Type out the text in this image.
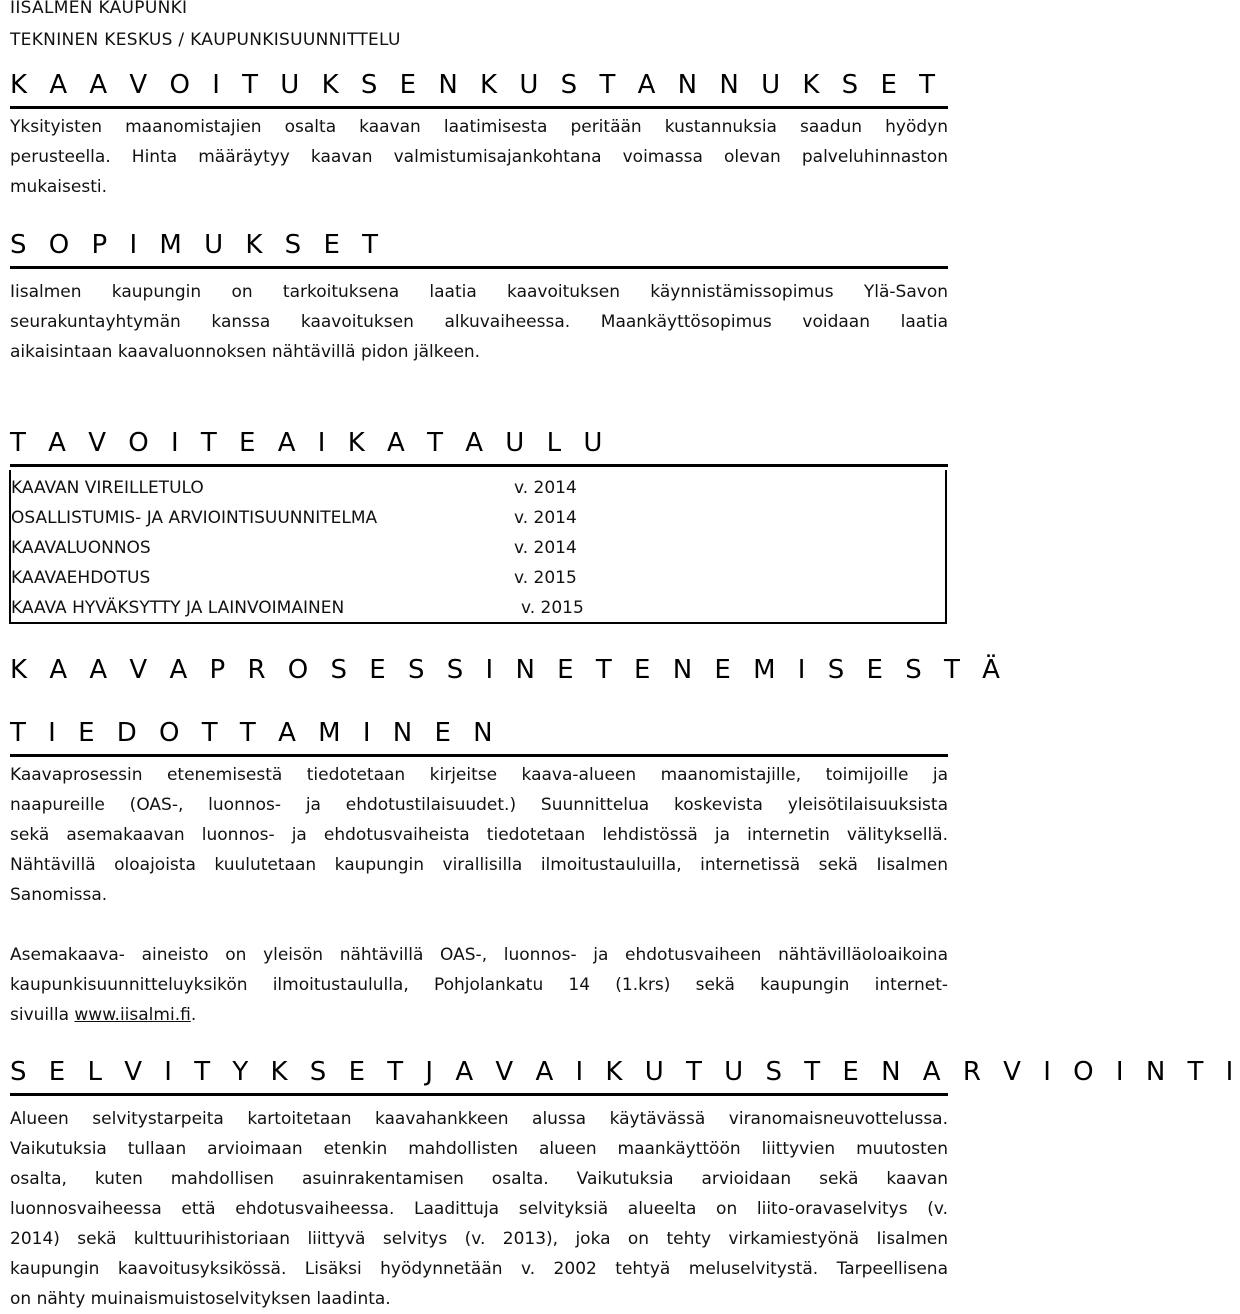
IISALMEN KAUPUNKI
TEKNINEN KESKUS / KAUPUNKISUUNNITTELU
K A A V O I T U K S E N K U S T A N N U K S E T

Yksityisten maanomistajien osalta kaavan laatimisesta peritään kustannuksia saadun hyödyn

perusteella. Hinta määräytyy kaavan valmistumisajankohtana voimassa olevan palveluhinnaston

mukaisesti.

S O P I M U K S E T

Iisalmen kaupungin on tarkoituksena laatia kaavoituksen käynnistämissopimus Ylä-Savon

seurakuntayhtymän kanssa kaavoituksen alkuvaiheessa. Maankäyttösopimus voidaan laatia

aikaisintaan kaavaluonnoksen nähtävillä pidon jälkeen.

T A V O I T E A I K A T A U L U
KAAVAN VIREILLETULO	v. 2014
OSALLISTUMIS- JA ARVIOINTISUUNNITELMA	v. 2014
KAAVALUONNOS	v. 2014
KAAVAEHDOTUS	v. 2015
KAAVA HYVÄKSYTTY JA LAINVOIMAINEN	v. 2015
K A A V A P R O S E S S I N E T E N E M I S E S T Ä
T I E D O T T A M I N E N

Kaavaprosessin etenemisestä tiedotetaan kirjeitse kaava-alueen maanomistajille, toimijoille ja

naapureille (OAS-, luonnos- ja ehdotustilaisuudet.) Suunnittelua koskevista yleisötilaisuuksista

sekä asemakaavan luonnos- ja ehdotusvaiheista tiedotetaan lehdistössä ja internetin välityksellä.

Nähtävillä oloajoista kuulutetaan kaupungin virallisilla ilmoitustauluilla, internetissä sekä Iisalmen

Sanomissa.

Asemakaava- aineisto on yleisön nähtävillä OAS-, luonnos- ja ehdotusvaiheen nähtävilläoloaikoina

kaupunkisuunnitteluyksikön ilmoitustaululla, Pohjolankatu 14 (1.krs) sekä kaupungin internet-

sivuilla www.iisalmi.fi.

S E L V I T Y K S E T J A V A I K U T U S T E N A R V I O I N T I

Alueen selvitystarpeita kartoitetaan kaavahankkeen alussa käytävässä viranomaisneuvottelussa.

Vaikutuksia tullaan arvioimaan etenkin mahdollisten alueen maankäyttöön liittyvien muutosten

osalta, kuten mahdollisen asuinrakentamisen osalta. Vaikutuksia arvioidaan sekä kaavan

luonnosvaiheessa että ehdotusvaiheessa. Laadittuja selvityksiä alueelta on liito-oravaselvitys (v.

2014) sekä kulttuurihistoriaan liittyvä selvitys (v. 2013), joka on tehty virkamiestyönä Iisalmen

kaupungin kaavoitusyksikössä. Lisäksi hyödynnetään v. 2002 tehtyä meluselvitystä. Tarpeellisena

on nähty muinaismuistoselvityksen laadinta.
